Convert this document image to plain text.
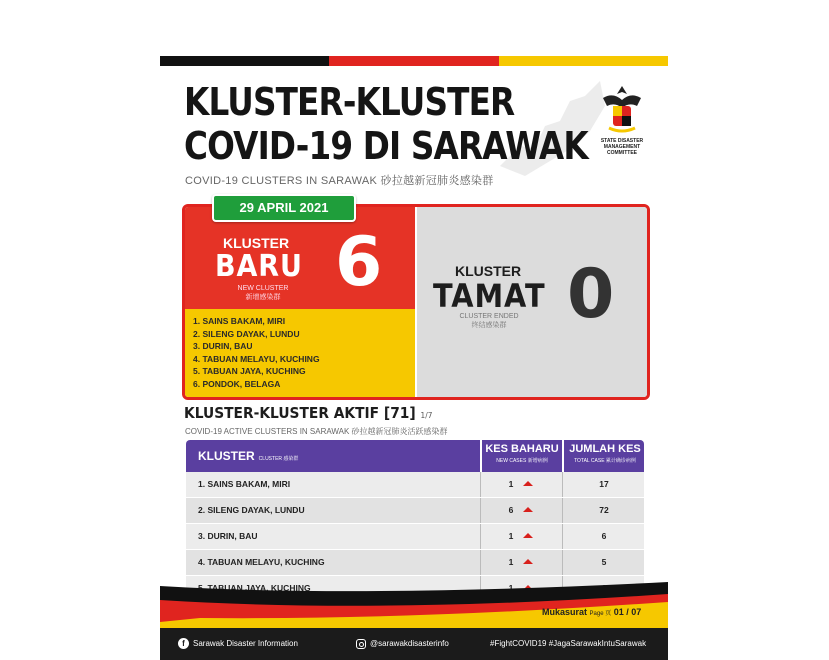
KLUSTER-KLUSTER
COVID-19 DI SARAWAK
COVID-19 CLUSTERS IN SARAWAK 砂拉越新冠肺炎感染群
STATE DISASTER MANAGEMENT COMMITTEE
29 APRIL 2021
KLUSTER
BARU
NEW CLUSTER
新增感染群 6
1. SAINS BAKAM, MIRI
2. SILENG DAYAK, LUNDU
3. DURIN, BAU
4. TABUAN MELAYU, KUCHING
5. TABUAN JAYA, KUCHING
6. PONDOK, BELAGA
KLUSTER
TAMAT
CLUSTER ENDED
终结感染群 0
KLUSTER-KLUSTER AKTIF [71] 1/7
COVID-19 ACTIVE CLUSTERS IN SARAWAK 砂拉越新冠肺炎活跃感染群
KLUSTER CLUSTER 感染群
KES BAHARU
NEW CASES 新增病例
JUMLAH KES
TOTAL CASE 累计确诊病例
1. SAINS BAKAM, MIRI	1	17
2. SILENG DAYAK, LUNDU	6	72
3. DURIN, BAU	1	6
4. TABUAN MELAYU, KUCHING	1	5
5. TABUAN JAYA, KUCHING	1
Mukasurat Page 页 01 / 07
f Sarawak Disaster Information	@sarawakdisasterinfo	#FightCOVID19 #JagaSarawakIntuSarawak
